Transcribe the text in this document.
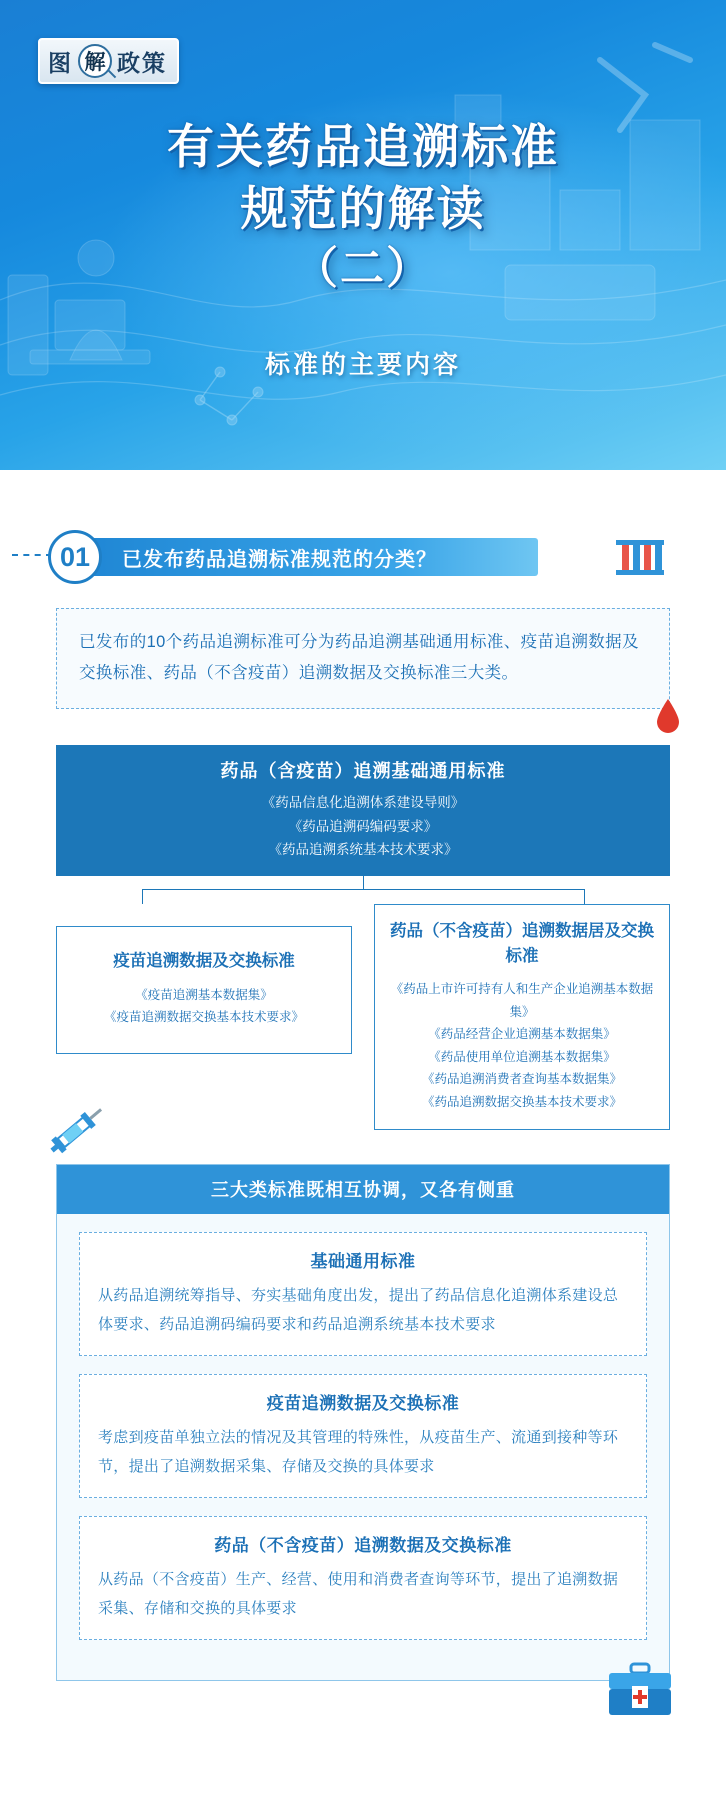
图 解 政策
有关药品追溯标准
规范的解读
（二）
标准的主要内容
已发布药品追溯标准规范的分类？
01
已发布的10个药品追溯标准可分为药品追溯基础通用标准、疫苗追溯数据及交换标准、药品（不含疫苗）追溯数据及交换标准三大类。
药品（含疫苗）追溯基础通用标准
《药品信息化追溯体系建设导则》
《药品追溯码编码要求》
《药品追溯系统基本技术要求》
疫苗追溯数据及交换标准
《疫苗追溯基本数据集》
《疫苗追溯数据交换基本技术要求》
药品（不含疫苗）追溯数据居及交换标准
《药品上市许可持有人和生产企业追溯基本数据集》
《药品经营企业追溯基本数据集》
《药品使用单位追溯基本数据集》
《药品追溯消费者查询基本数据集》
《药品追溯数据交换基本技术要求》
三大类标准既相互协调，又各有侧重
基础通用标准
从药品追溯统筹指导、夯实基础角度出发，提出了药品信息化追溯体系建设总体要求、药品追溯码编码要求和药品追溯系统基本技术要求
疫苗追溯数据及交换标准
考虑到疫苗单独立法的情况及其管理的特殊性，从疫苗生产、流通到接种等环节，提出了追溯数据采集、存储及交换的具体要求
药品（不含疫苗）追溯数据及交换标准
从药品（不含疫苗）生产、经营、使用和消费者查询等环节，提出了追溯数据采集、存储和交换的具体要求
